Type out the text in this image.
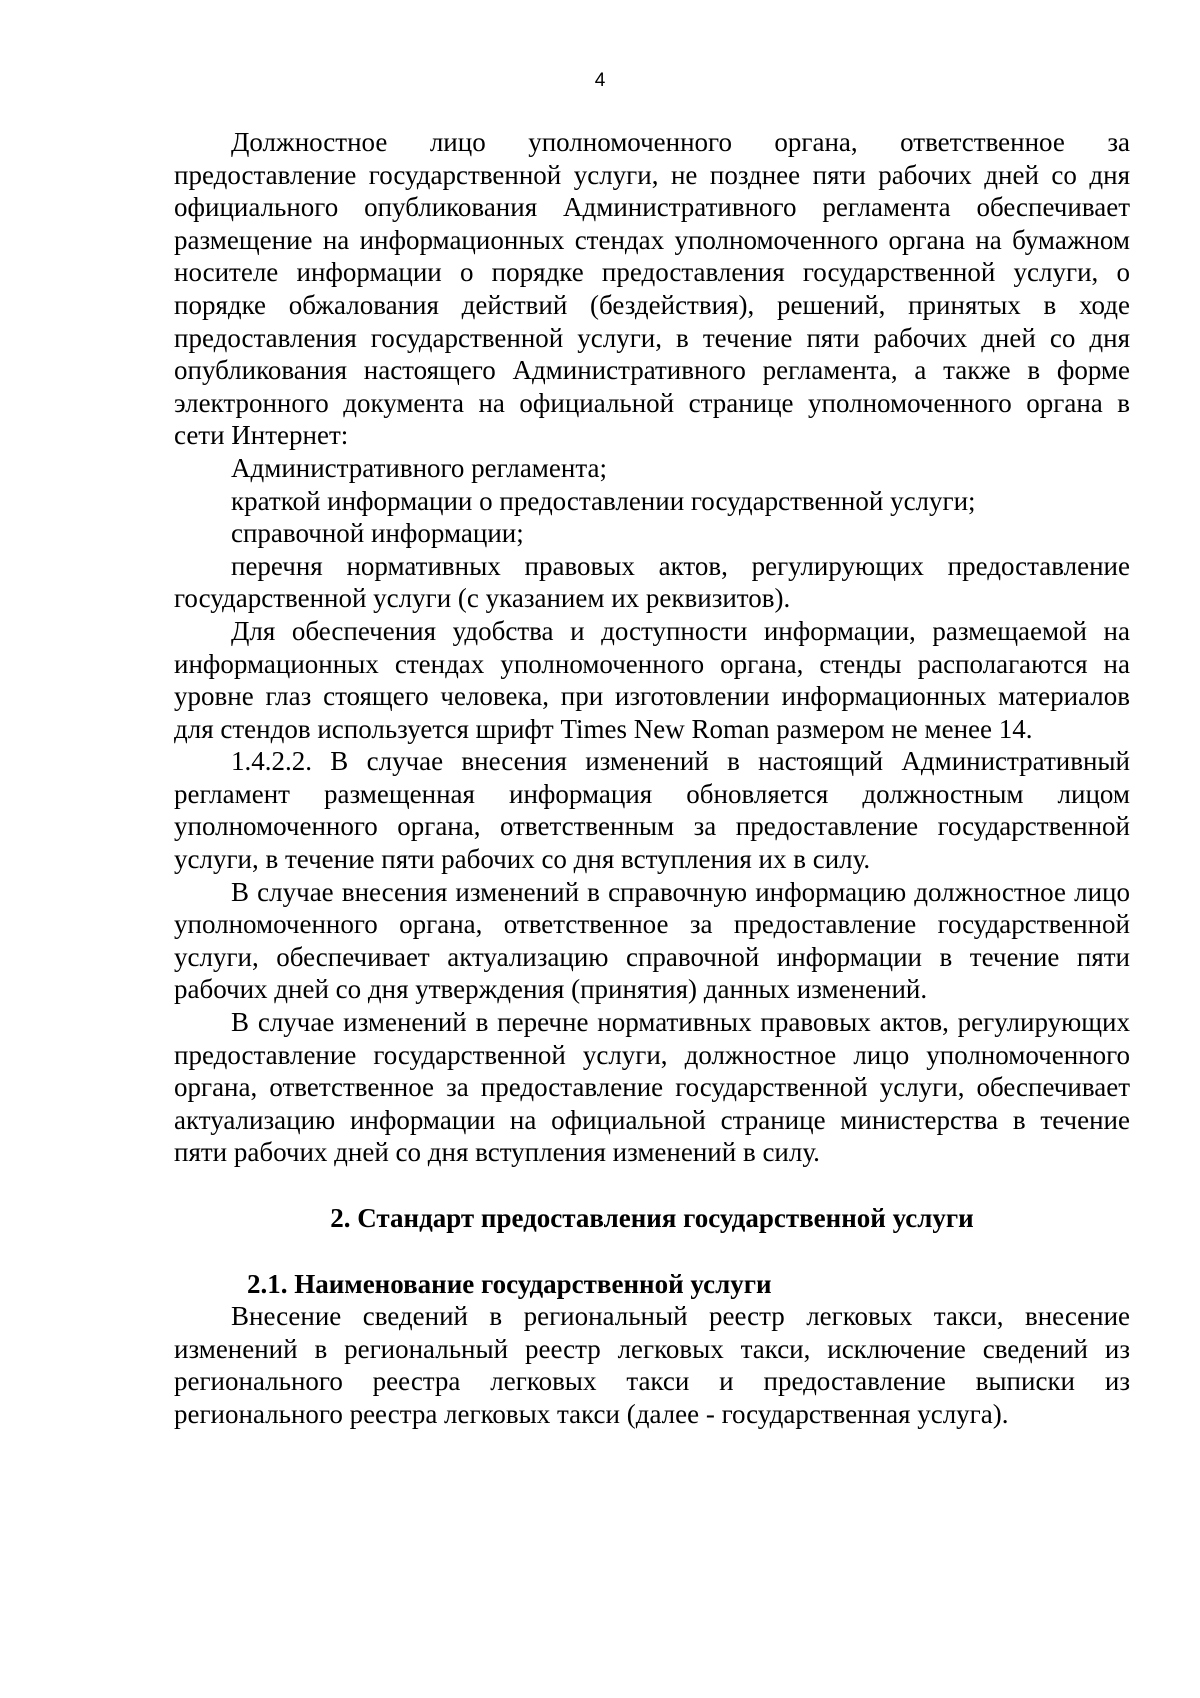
4

Должностное лицо уполномоченного органа, ответственное за предоставление государственной услуги, не позднее пяти рабочих дней со дня официального опубликования Административного регламента обеспечивает размещение на информационных стендах уполномоченного органа на бумажном носителе информации о порядке предоставления государственной услуги, о порядке обжалования действий (бездействия), решений, принятых в ходе предоставления государственной услуги, в течение пяти рабочих дней со дня опубликования настоящего Административного регламента, а также в форме электронного документа на официальной странице уполномоченного органа в сети Интернет:

Административного регламента;

краткой информации о предоставлении государственной услуги;

справочной информации;

перечня нормативных правовых актов, регулирующих предоставление государственной услуги (с указанием их реквизитов).

Для обеспечения удобства и доступности информации, размещаемой на информационных стендах уполномоченного органа, стенды располагаются на уровне глаз стоящего человека, при изготовлении информационных материалов для стендов используется шрифт Times New Roman размером не менее 14.

1.4.2.2. В случае внесения изменений в настоящий Административный регламент размещенная информация обновляется должностным лицом уполномоченного органа, ответственным за предоставление государственной услуги, в течение пяти рабочих со дня вступления их в силу.

В случае внесения изменений в справочную информацию должностное лицо уполномоченного органа, ответственное за предоставление государственной услуги, обеспечивает актуализацию справочной информации в течение пяти рабочих дней со дня утверждения (принятия) данных изменений.

В случае изменений в перечне нормативных правовых актов, регулирующих предоставление государственной услуги, должностное лицо уполномоченного органа, ответственное за предоставление государственной услуги, обеспечивает актуализацию информации на официальной странице министерства в течение пяти рабочих дней со дня вступления изменений в силу.

2. Стандарт предоставления государственной услуги
2.1. Наименование государственной услуги

Внесение сведений в региональный реестр легковых такси, внесение изменений в региональный реестр легковых такси, исключение сведений из регионального реестра легковых такси и предоставление выписки из регионального реестра легковых такси (далее - государственная услуга).
